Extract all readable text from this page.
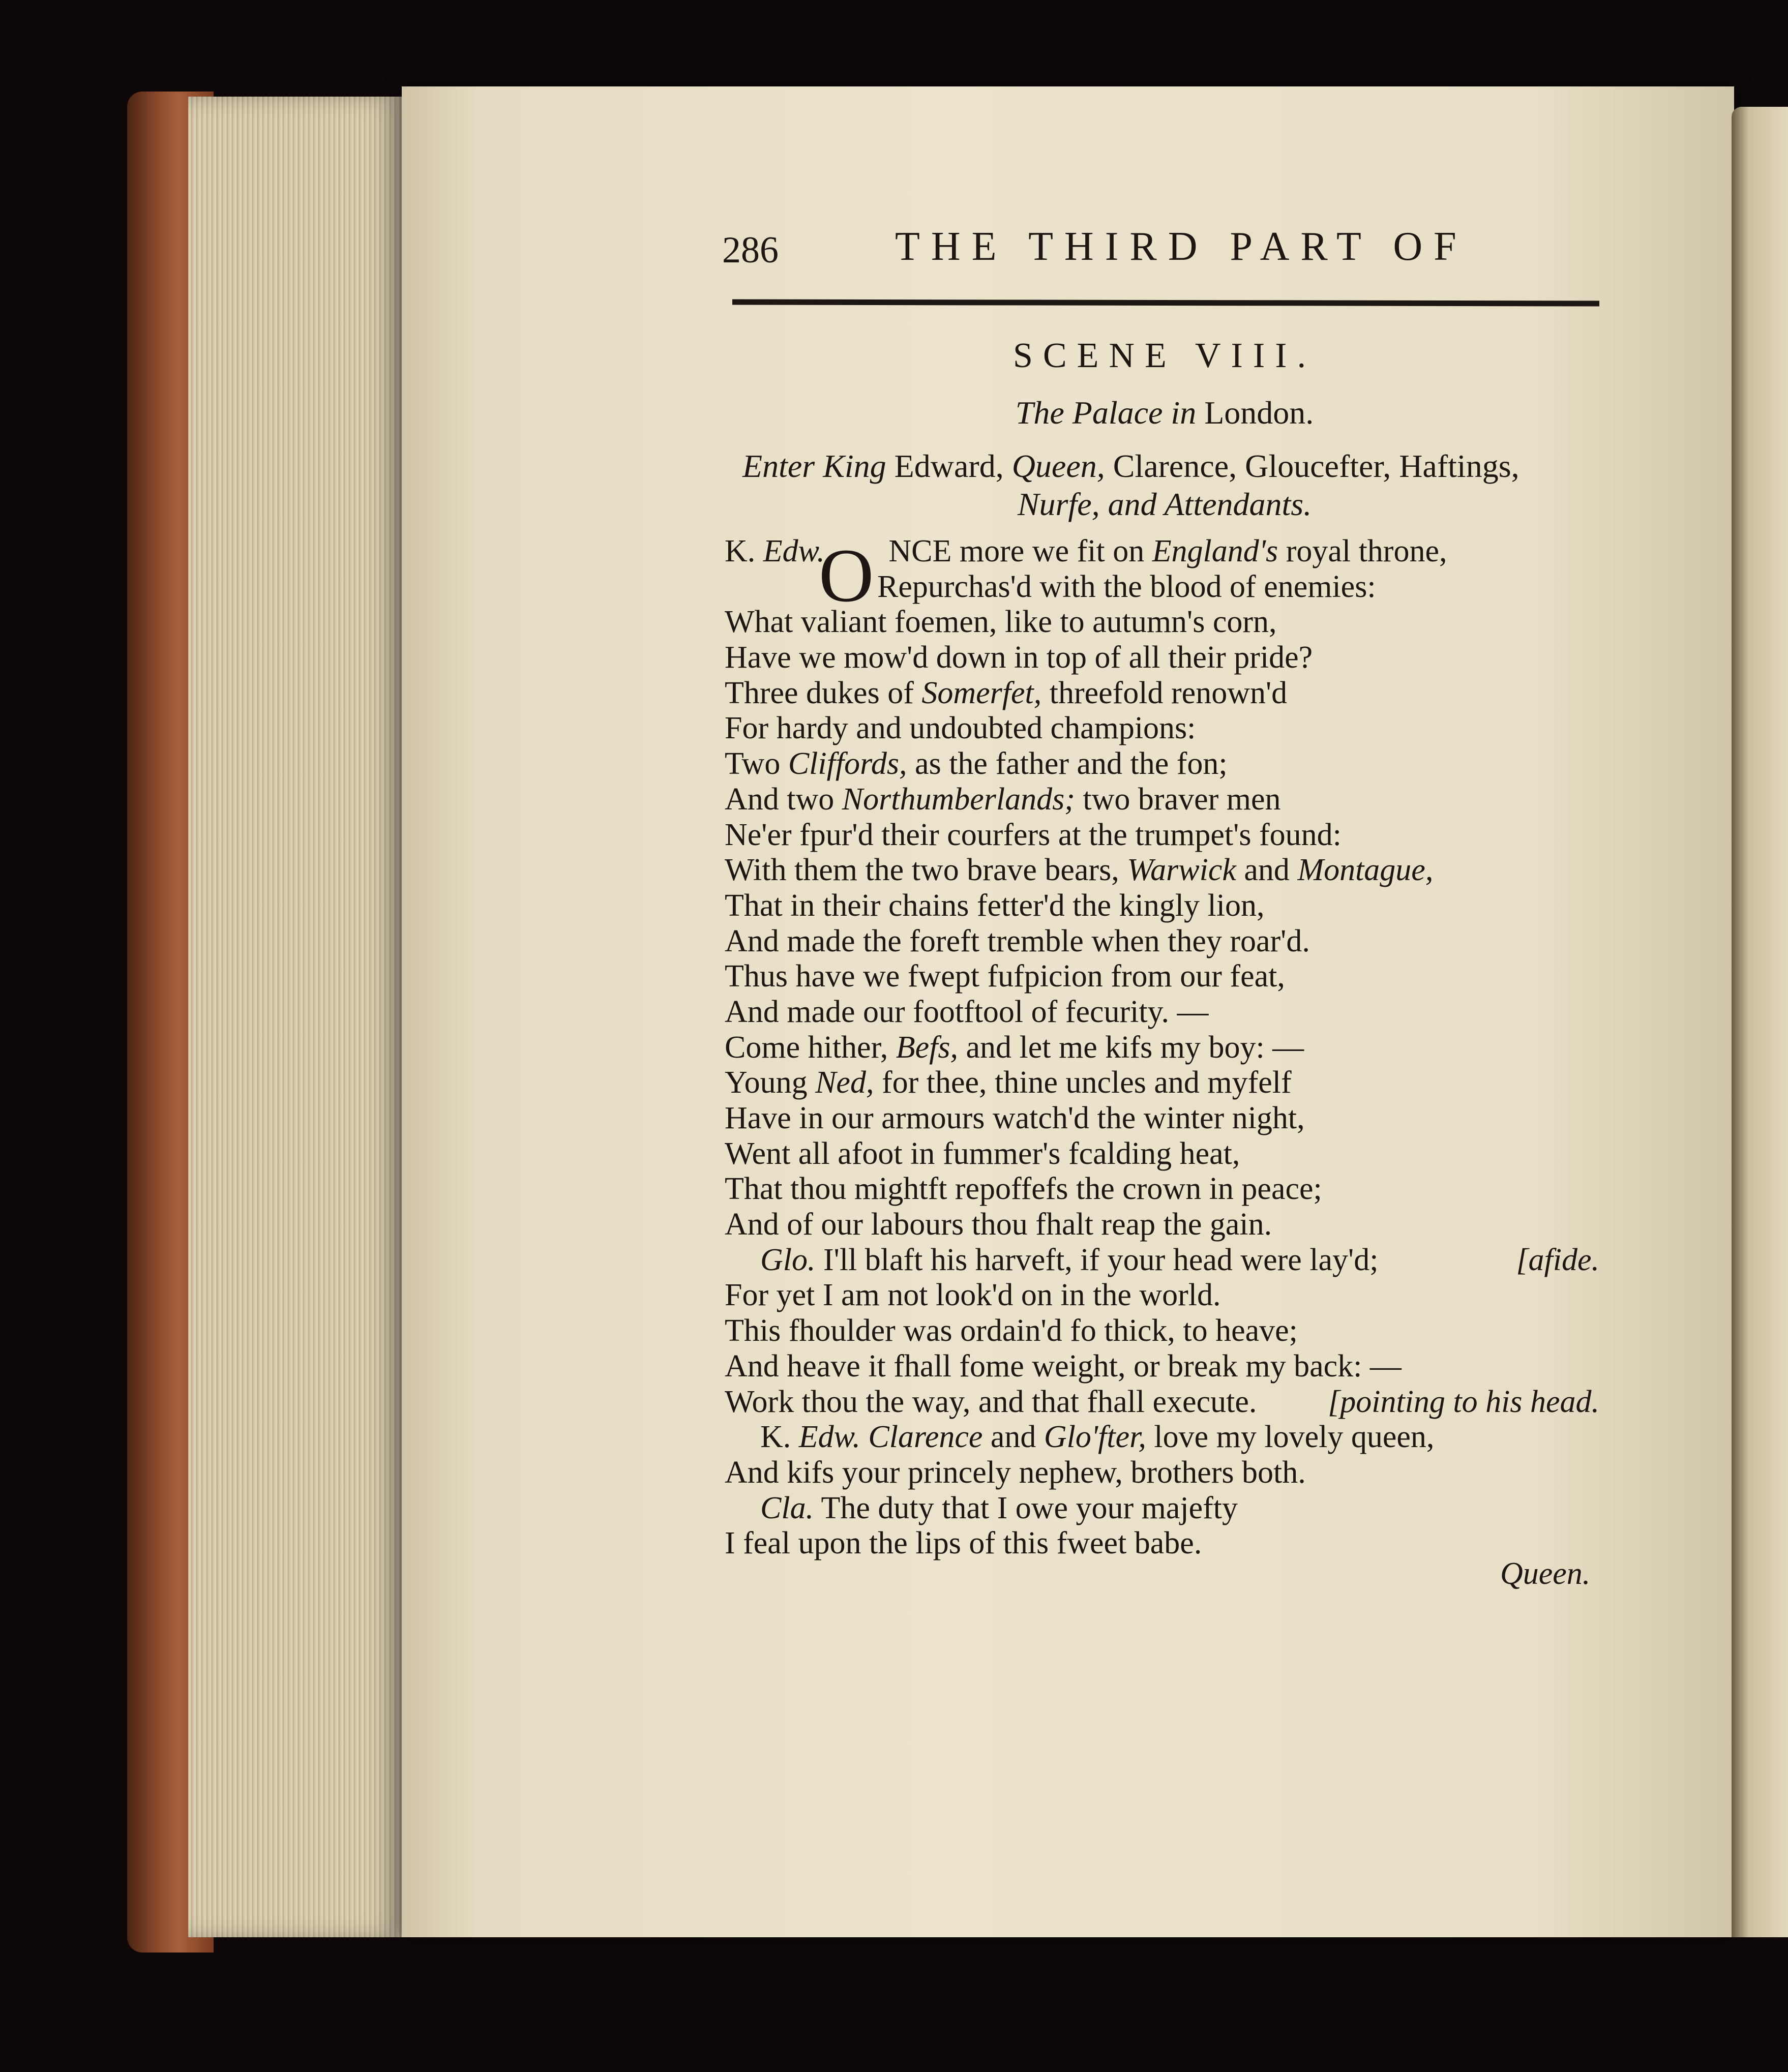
286	THE THIRD PART OF
SCENE VIII.
The Palace in London.
Enter King Edward, Queen, Clarence, Gloucefter, Haftings,
Nurfe, and Attendants.
K. Edw.
O NCE more we fit on England's royal throne,
Repurchas'd with the blood of enemies:
What valiant foemen, like to autumn's corn,
Have we mow'd down in top of all their pride?
Three dukes of Somerfet, threefold renown'd
For hardy and undoubted champions:
Two Cliffords, as the father and the fon;
And two Northumberlands; two braver men
Ne'er fpur'd their courfers at the trumpet's found:
With them the two brave bears, Warwick and Montague,
That in their chains fetter'd the kingly lion,
And made the foreft tremble when they roar'd.
Thus have we fwept fufpicion from our feat,
And made our footftool of fecurity. —
Come hither, Befs, and let me kifs my boy: —
Young Ned, for thee, thine uncles and myfelf
Have in our armours watch'd the winter night,
Went all afoot in fummer's fcalding heat,
That thou mightft repoffefs the crown in peace;
And of our labours thou fhalt reap the gain.
Glo. I'll blaft his harveft, if your head were lay'd;	[afide.
For yet I am not look'd on in the world.
This fhoulder was ordain'd fo thick, to heave;
And heave it fhall fome weight, or break my back: —
Work thou the way, and that fhall execute. [pointing to his head.
K. Edw. Clarence and Glo'fter, love my lovely queen,
And kifs your princely nephew, brothers both.
Cla. The duty that I owe your majefty
I feal upon the lips of this fweet babe.
Queen.
